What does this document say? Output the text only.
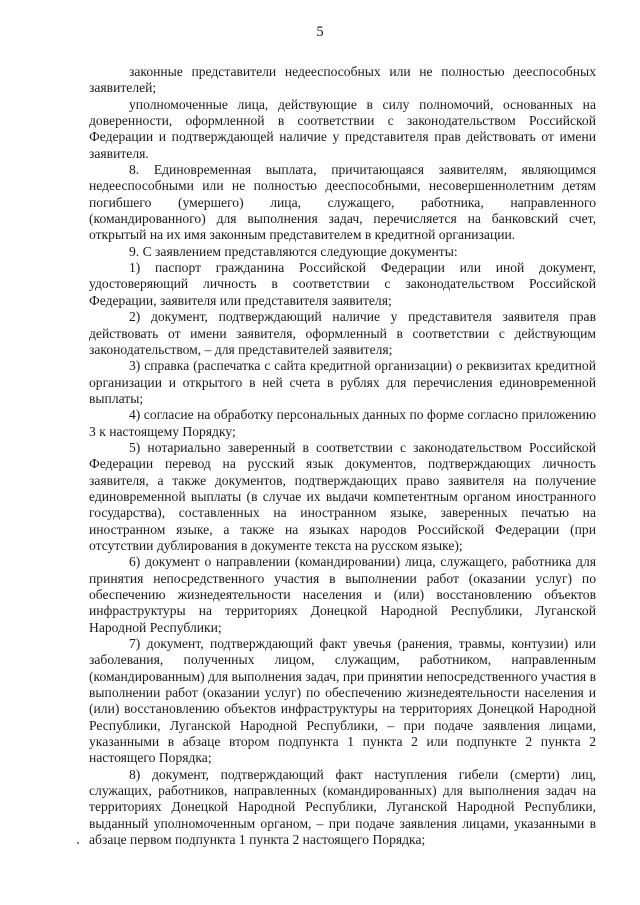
5

законные представители недееспособных или не полностью дееспособных заявителей;

уполномоченные лица, действующие в силу полномочий, основанных на доверенности, оформленной в соответствии с законодательством Российской Федерации и подтверждающей наличие у представителя прав действовать от имени заявителя.

8. Единовременная выплата, причитающаяся заявителям, являющимся недееспособными или не полностью дееспособными, несовершеннолетним детям погибшего (умершего) лица, служащего, работника, направленного (командированного) для выполнения задач, перечисляется на банковский счет, открытый на их имя законным представителем в кредитной организации.

9. С заявлением представляются следующие документы:

1) паспорт гражданина Российской Федерации или иной документ, удостоверяющий личность в соответствии с законодательством Российской Федерации, заявителя или представителя заявителя;

2) документ, подтверждающий наличие у представителя заявителя прав действовать от имени заявителя, оформленный в соответствии с действующим законодательством, – для представителей заявителя;

3) справка (распечатка с сайта кредитной организации) о реквизитах кредитной организации и открытого в ней счета в рублях для перечисления единовременной выплаты;

4) согласие на обработку персональных данных по форме согласно приложению 3 к настоящему Порядку;

5) нотариально заверенный в соответствии с законодательством Российской Федерации перевод на русский язык документов, подтверждающих личность заявителя, а также документов, подтверждающих право заявителя на получение единовременной выплаты (в случае их выдачи компетентным органом иностранного государства), составленных на иностранном языке, заверенных печатью на иностранном языке, а также на языках народов Российской Федерации (при отсутствии дублирования в документе текста на русском языке);

6) документ о направлении (командировании) лица, служащего, работника для принятия непосредственного участия в выполнении работ (оказании услуг) по обеспечению жизнедеятельности населения и (или) восстановлению объектов инфраструктуры на территориях Донецкой Народной Республики, Луганской Народной Республики;

7) документ, подтверждающий факт увечья (ранения, травмы, контузии) или заболевания, полученных лицом, служащим, работником, направленным (командированным) для выполнения задач, при принятии непосредственного участия в выполнении работ (оказании услуг) по обеспечению жизнедеятельности населения и (или) восстановлению объектов инфраструктуры на территориях Донецкой Народной Республики, Луганской Народной Республики, – при подаче заявления лицами, указанными в абзаце втором подпункта 1 пункта 2 или подпункте 2 пункта 2 настоящего Порядка;

8) документ, подтверждающий факт наступления гибели (смерти) лиц, служащих, работников, направленных (командированных) для выполнения задач на территориях Донецкой Народной Республики, Луганской Народной Республики, выданный уполномоченным органом, – при подаче заявления лицами, указанными в абзаце первом подпункта 1 пункта 2 настоящего Порядка;
